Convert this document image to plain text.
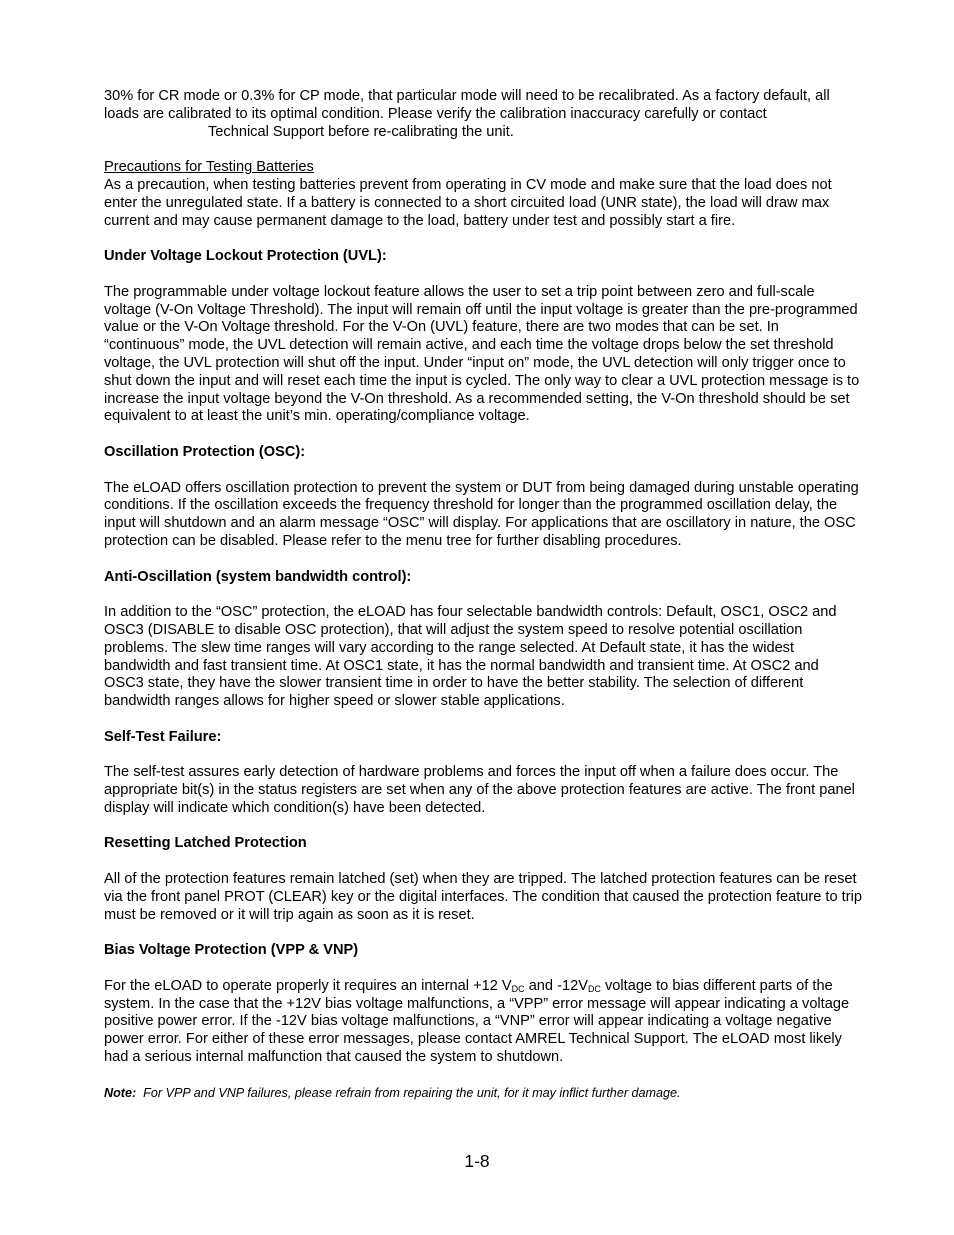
30% for CR mode or 0.3% for CP mode, that particular mode will need to be recalibrated. As a factory default, all loads are calibrated to its optimal condition. Please verify the calibration inaccuracy carefully or contact
Technical Support before re-calibrating the unit.

Precautions for Testing Batteries

As a precaution, when testing batteries prevent from operating in CV mode and make sure that the load does not enter the unregulated state. If a battery is connected to a short circuited load (UNR state), the load will draw max current and may cause permanent damage to the load, battery under test and possibly start a fire.

Under Voltage Lockout Protection (UVL):

The programmable under voltage lockout feature allows the user to set a trip point between zero and full-scale voltage (V-On Voltage Threshold). The input will remain off until the input voltage is greater than the pre-programmed value or the V-On Voltage threshold. For the V-On (UVL) feature, there are two modes that can be set. In “continuous” mode, the UVL detection will remain active, and each time the voltage drops below the set threshold voltage, the UVL protection will shut off the input. Under “input on” mode, the UVL detection will only trigger once to shut down the input and will reset each time the input is cycled. The only way to clear a UVL protection message is to increase the input voltage beyond the V-On threshold. As a recommended setting, the V-On threshold should be set equivalent to at least the unit’s min. operating/compliance voltage.

Oscillation Protection (OSC):

The eLOAD offers oscillation protection to prevent the system or DUT from being damaged during unstable operating conditions. If the oscillation exceeds the frequency threshold for longer than the programmed oscillation delay, the input will shutdown and an alarm message “OSC” will display. For applications that are oscillatory in nature, the OSC protection can be disabled. Please refer to the menu tree for further disabling procedures.

Anti-Oscillation (system bandwidth control):

In addition to the “OSC” protection, the eLOAD has four selectable bandwidth controls: Default, OSC1, OSC2 and OSC3 (DISABLE to disable OSC protection), that will adjust the system speed to resolve potential oscillation problems. The slew time ranges will vary according to the range selected. At Default state, it has the widest bandwidth and fast transient time. At OSC1 state, it has the normal bandwidth and transient time. At OSC2 and OSC3 state, they have the slower transient time in order to have the better stability. The selection of different bandwidth ranges allows for higher speed or slower stable applications.

Self-Test Failure:

The self-test assures early detection of hardware problems and forces the input off when a failure does occur. The appropriate bit(s) in the status registers are set when any of the above protection features are active. The front panel display will indicate which condition(s) have been detected.

Resetting Latched Protection

All of the protection features remain latched (set) when they are tripped. The latched protection features can be reset via the front panel PROT (CLEAR) key or the digital interfaces. The condition that caused the protection feature to trip must be removed or it will trip again as soon as it is reset.

Bias Voltage Protection (VPP & VNP)

For the eLOAD to operate properly it requires an internal +12 $V_{DC}$ and $-12V_{DC}$ voltage to bias different parts of the system. In the case that the +12V bias voltage malfunctions, a “VPP” error message will appear indicating a voltage positive power error. If the -12V bias voltage malfunctions, a “VNP” error will appear indicating a voltage negative power error. For either of these error messages, please contact AMREL Technical Support. The eLOAD most likely had a serious internal malfunction that caused the system to shutdown.

Note:  For VPP and VNP failures, please refrain from repairing the unit, for it may inflict further damage.

1-8
